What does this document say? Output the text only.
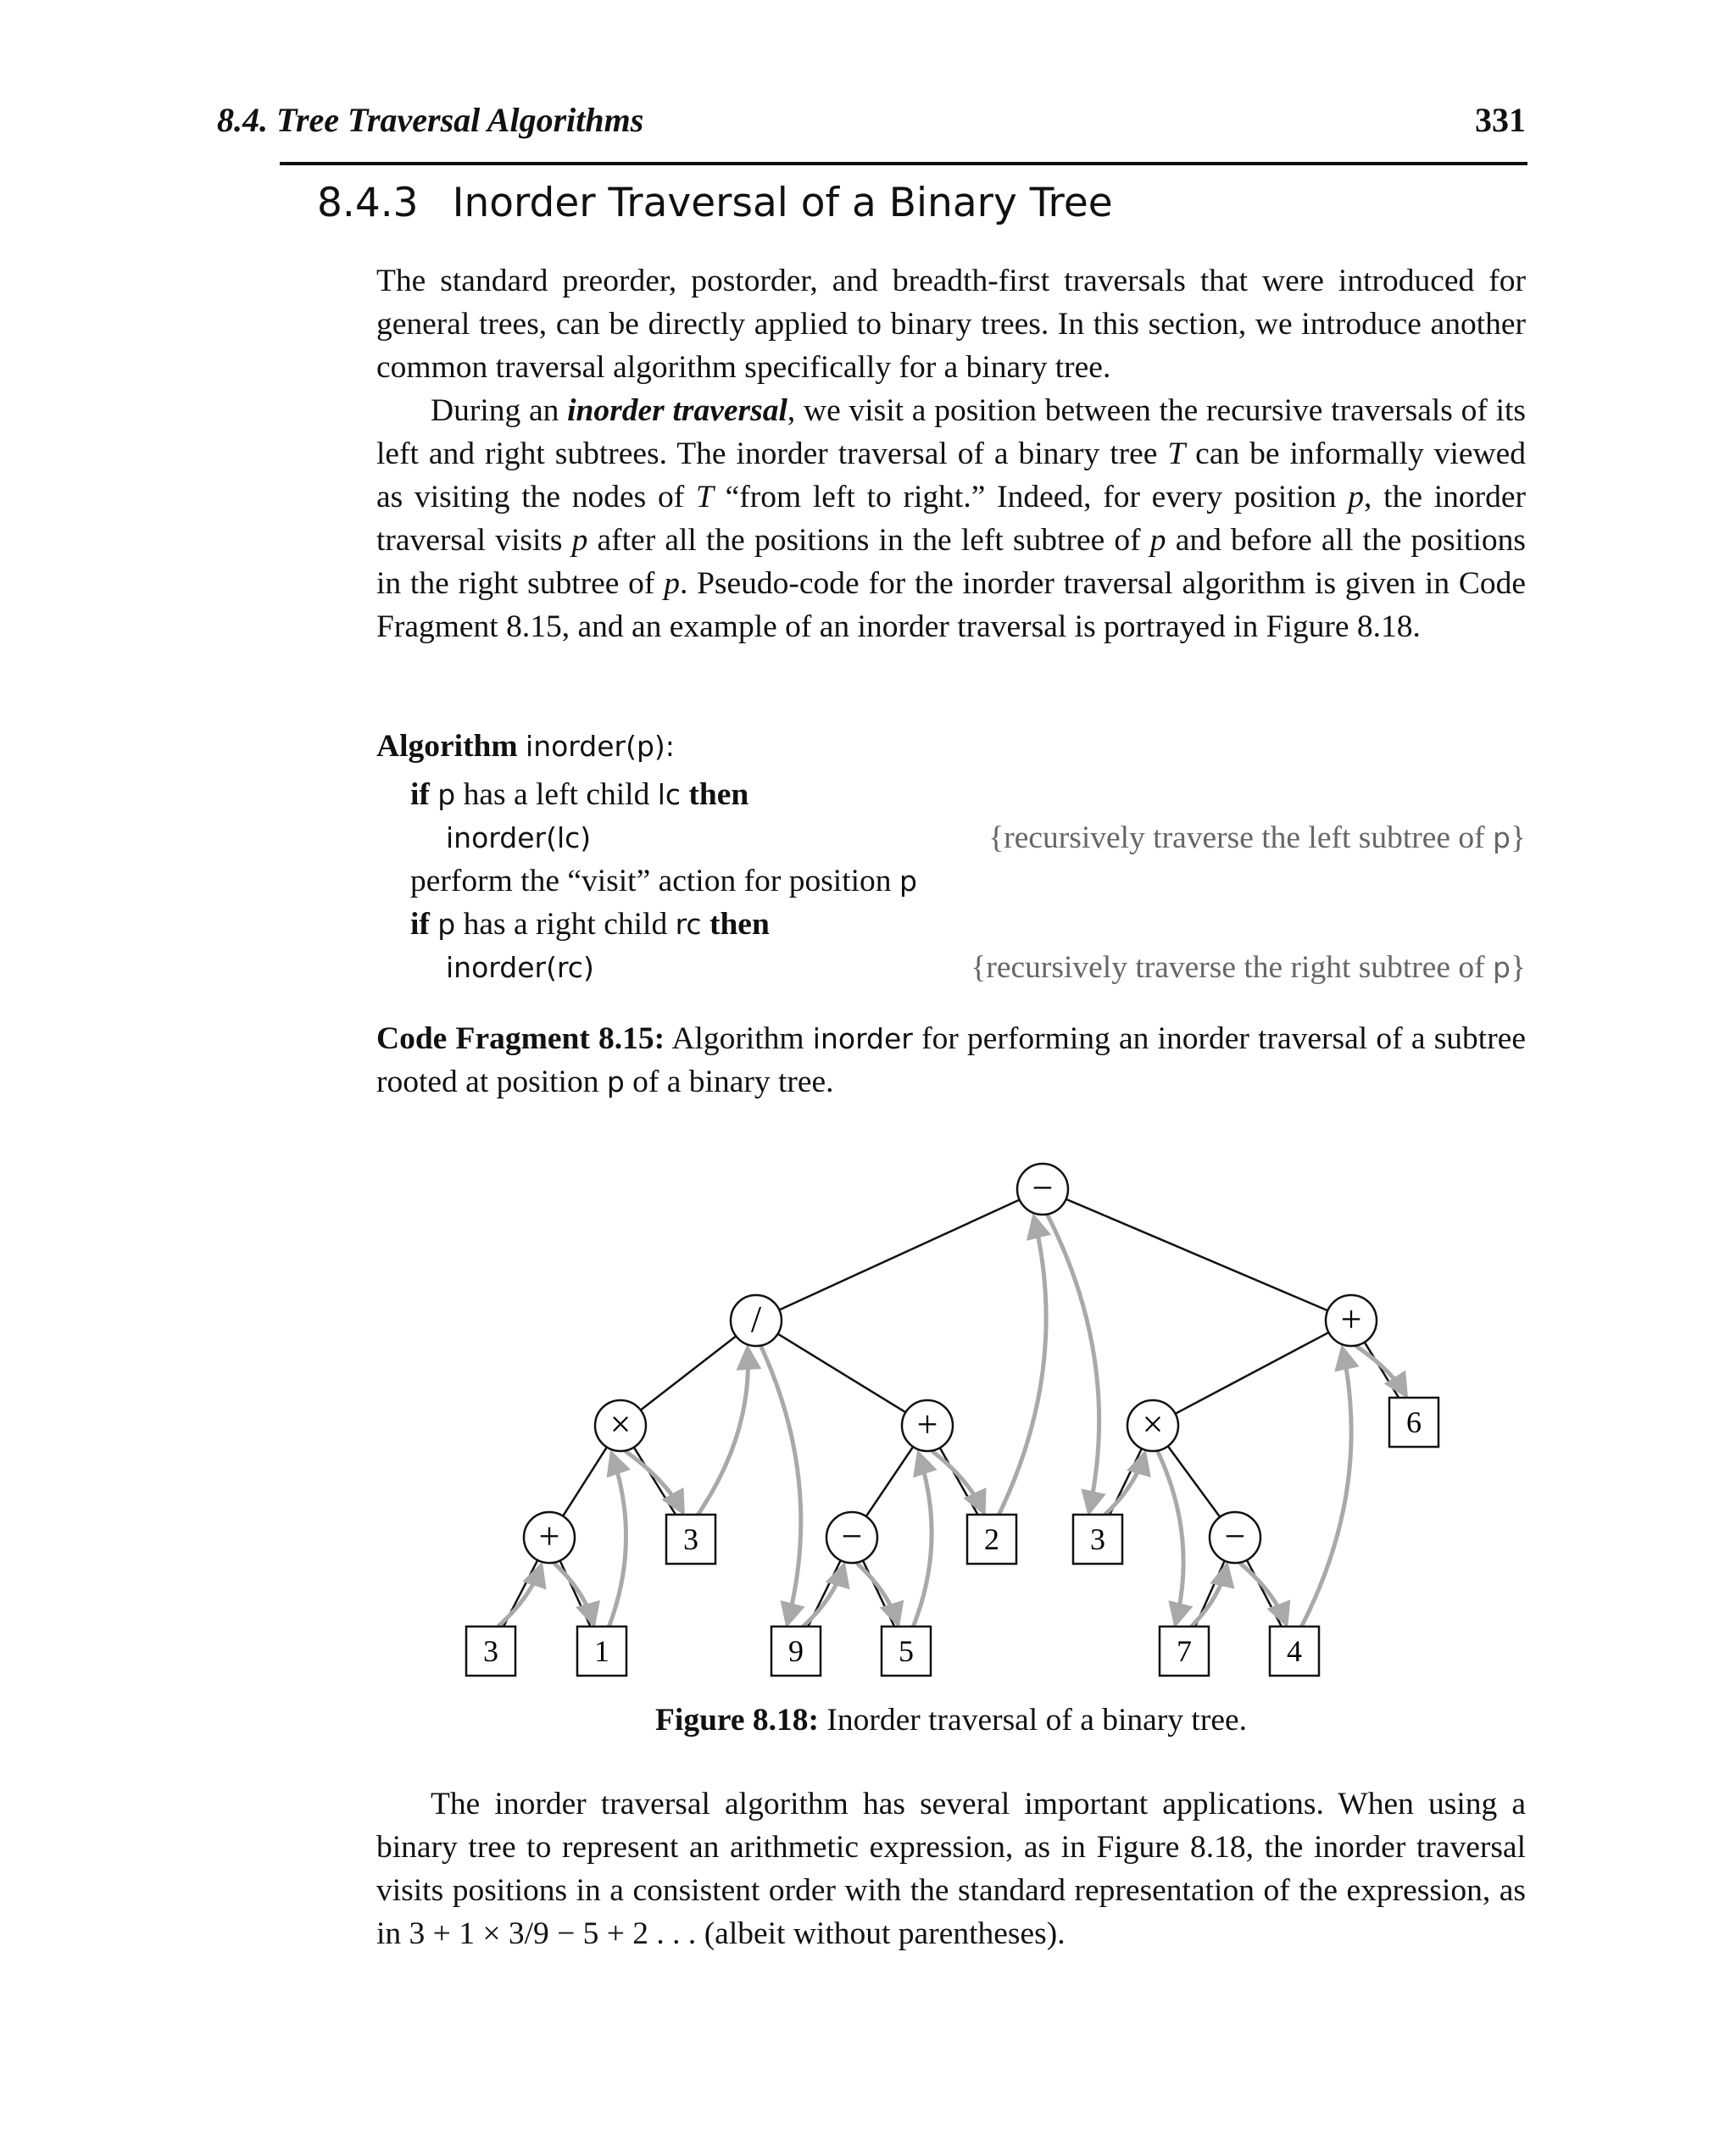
8.4. Tree Traversal Algorithms	331
8.4.3 Inorder Traversal of a Binary Tree
The standard preorder, postorder, and breadth-first traversals that were introduced for general trees, can be directly applied to binary trees. In this section, we introduce another common traversal algorithm specifically for a binary tree.
During an inorder traversal, we visit a position between the recursive traversals of its left and right subtrees. The inorder traversal of a binary tree T can be informally viewed as visiting the nodes of T “from left to right.” Indeed, for every position p, the inorder traversal visits p after all the positions in the left subtree of p and before all the positions in the right subtree of p. Pseudo-code for the inorder traversal algorithm is given in Code Fragment 8.15, and an example of an inorder traversal is portrayed in Figure 8.18.
Algorithm inorder(p):
if p has a left child lc then
inorder(lc)	{recursively traverse the left subtree of p}
perform the “visit” action for position p
if p has a right child rc then
inorder(rc)	{recursively traverse the right subtree of p}
Code Fragment 8.15: Algorithm inorder for performing an inorder traversal of a subtree rooted at position p of a binary tree.
−
/	+
×	+	×	6
+	3	−	2	3	−
3	1	9	5	7	4
Figure 8.18: Inorder traversal of a binary tree.
The inorder traversal algorithm has several important applications. When using a binary tree to represent an arithmetic expression, as in Figure 8.18, the inorder traversal visits positions in a consistent order with the standard representation of the expression, as in 3 + 1 × 3/9 − 5 + 2 . . . (albeit without parentheses).
